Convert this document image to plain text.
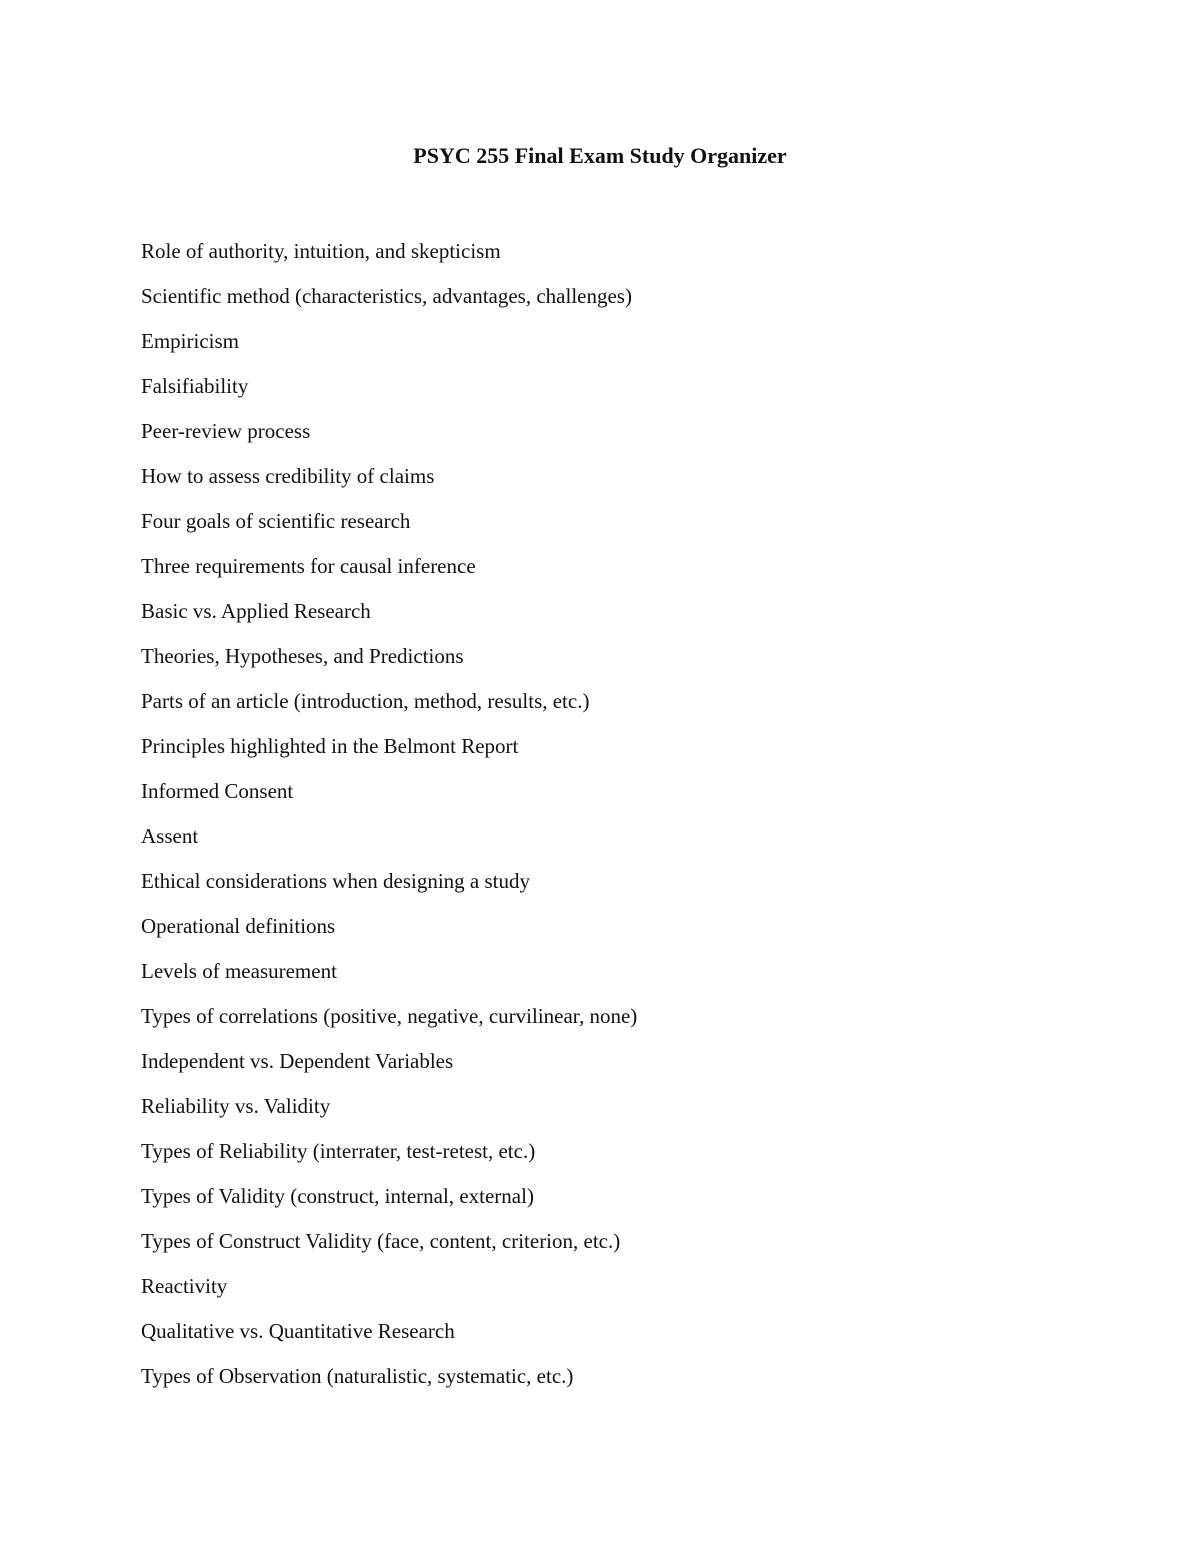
PSYC 255 Final Exam Study Organizer
Role of authority, intuition, and skepticism
Scientific method (characteristics, advantages, challenges)
Empiricism
Falsifiability
Peer-review process
How to assess credibility of claims
Four goals of scientific research
Three requirements for causal inference
Basic vs. Applied Research
Theories, Hypotheses, and Predictions
Parts of an article (introduction, method, results, etc.)
Principles highlighted in the Belmont Report
Informed Consent
Assent
Ethical considerations when designing a study
Operational definitions
Levels of measurement
Types of correlations (positive, negative, curvilinear, none)
Independent vs. Dependent Variables
Reliability vs. Validity
Types of Reliability (interrater, test-retest, etc.)
Types of Validity (construct, internal, external)
Types of Construct Validity (face, content, criterion, etc.)
Reactivity
Qualitative vs. Quantitative Research
Types of Observation (naturalistic, systematic, etc.)
